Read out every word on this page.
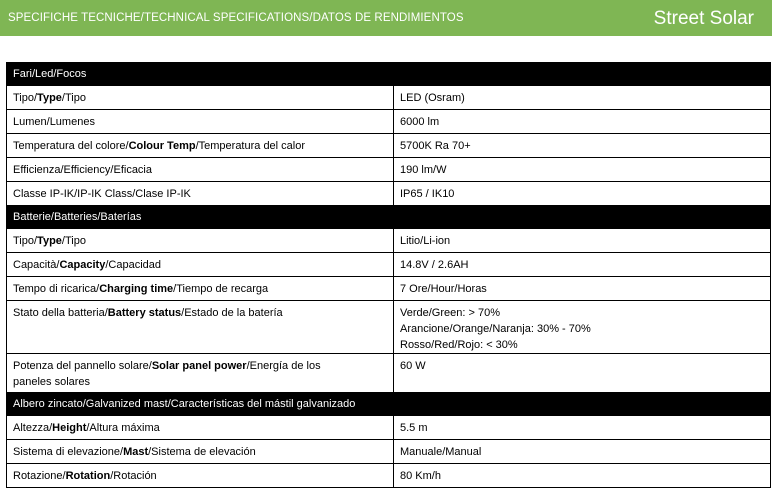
SPECIFICHE TECNICHE/TECHNICAL SPECIFICATIONS/DATOS DE RENDIMIENTOS	Street Solar
Fari/Led/Focos	
Tipo/Type/Tipo	LED (Osram)
Lumen/Lumenes	6000 lm
Temperatura del colore/Colour Temp/Temperatura del calor	5700K Ra 70+
Efficienza/Efficiency/Eficacia	190 lm/W
Classe IP-IK/IP-IK Class/Clase IP-IK	IP65 / IK10
Batterie/Batteries/Baterías	
Tipo/Type/Tipo	Litio/Li-ion
Capacità/Capacity/Capacidad	14.8V / 2.6AH
Tempo di ricarica/Charging time/Tiempo de recarga	7 Ore/Hour/Horas
Stato della batteria/Battery status/Estado de la batería	Verde/Green: > 70%
Arancione/Orange/Naranja: 30% - 70%
Rosso/Red/Rojo: < 30%

Potenza del pannello solare/Solar panel power/Energía de los
paneles solares	60 W
Albero zincato/Galvanized mast/Características del mástil galvanizado	
Altezza/Height/Altura máxima	5.5 m
Sistema di elevazione/Mast/Sistema de elevación	Manuale/Manual
Rotazione/Rotation/Rotación	80 Km/h
